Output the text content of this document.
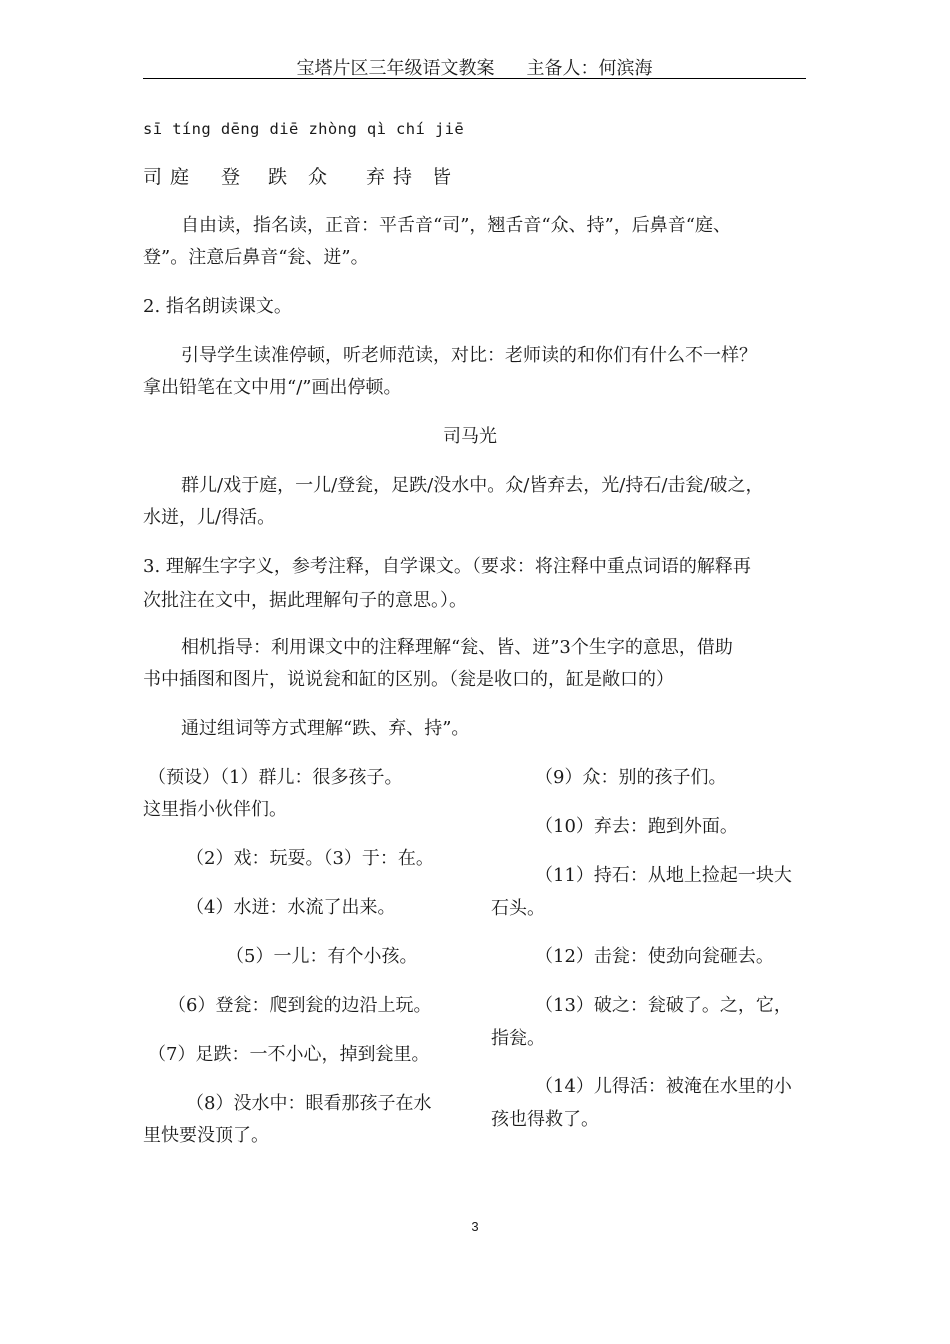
宝塔片区三年级语文教案 主备人：何滨海
sī tíng dēng diē zhòng qì chí jiē
司 庭 登 跌 众 弃 持 皆
自由读，指名读，正音：平舌音“司”，翘舌音“众、持”，后鼻音“庭、
登”。注意后鼻音“瓮、迸”。
2. 指名朗读课文。
引导学生读准停顿，听老师范读，对比：老师读的和你们有什么不一样？
拿出铅笔在文中用“/”画出停顿。
司马光
群儿/戏于庭，一儿/登瓮，足跌/没水中。众/皆弃去，光/持石/击瓮/破之，
水迸，儿/得活。
3. 理解生字字义，参考注释，自学课文。（要求：将注释中重点词语的解释再
次批注在文中，据此理解句子的意思。）。
相机指导：利用课文中的注释理解“瓮、皆、迸”3个生字的意思，借助
书中插图和图片，说说瓮和缸的区别。（瓮是收口的，缸是敞口的）
通过组词等方式理解“跌、弃、持”。
（预设）（1）群儿：很多孩子。
这里指小伙伴们。
（2）戏：玩耍。（3）于：在。
（4）水迸：水流了出来。
（5）一儿：有个小孩。
（6）登瓮：爬到瓮的边沿上玩。
（7）足跌：一不小心，掉到瓮里。
（8）没水中：眼看那孩子在水
里快要没顶了。
（9）众：别的孩子们。
（10）弃去：跑到外面。
（11）持石：从地上捡起一块大
石头。
（12）击瓮：使劲向瓮砸去。
（13）破之：瓮破了。之，它，
指瓮。
（14）儿得活：被淹在水里的小
孩也得救了。
3
